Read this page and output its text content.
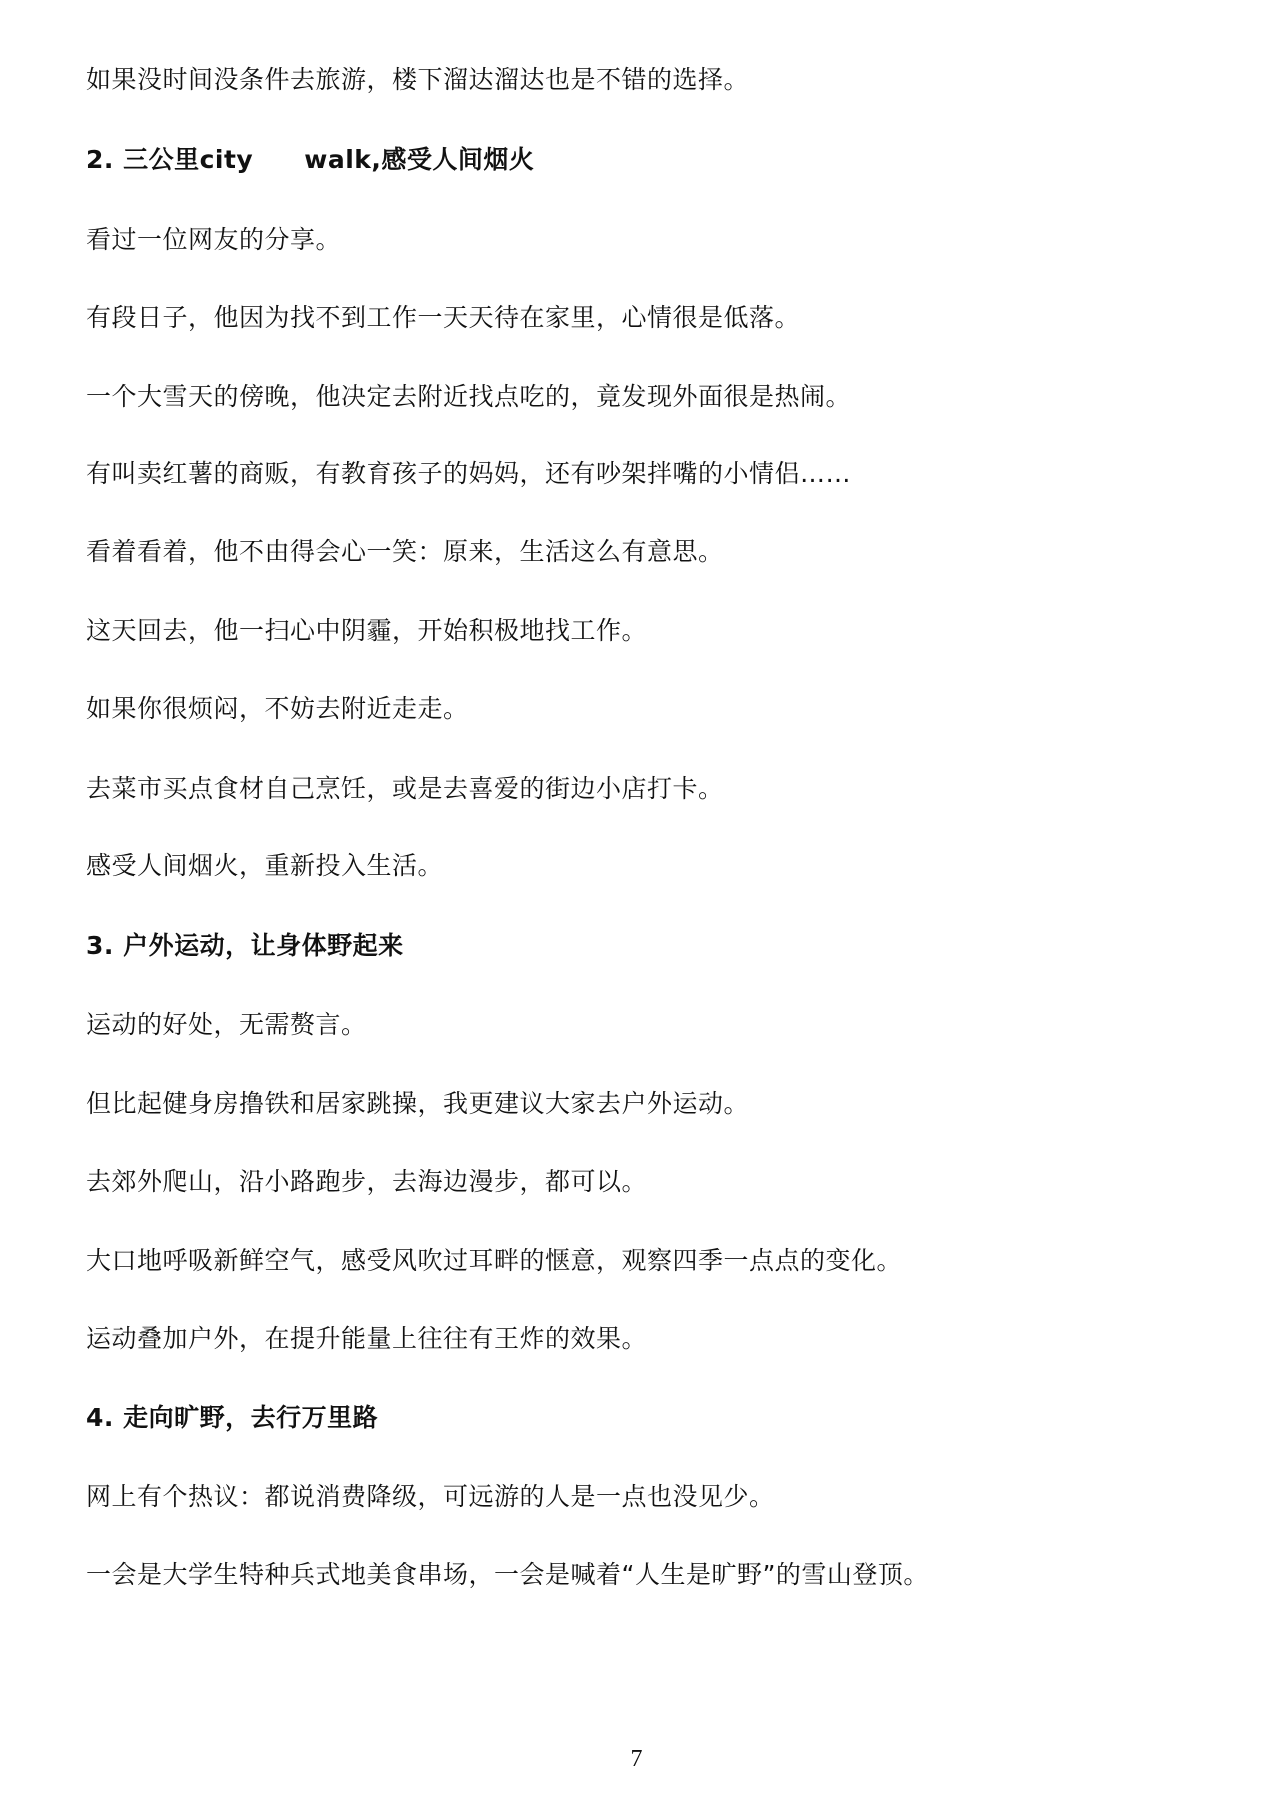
如果没时间没条件去旅游，楼下溜达溜达也是不错的选择。
2. 三公里city　　walk,感受人间烟火
看过一位网友的分享。
有段日子，他因为找不到工作一天天待在家里，心情很是低落。
一个大雪天的傍晚，他决定去附近找点吃的，竟发现外面很是热闹。
有叫卖红薯的商贩，有教育孩子的妈妈，还有吵架拌嘴的小情侣……
看着看着，他不由得会心一笑：原来，生活这么有意思。
这天回去，他一扫心中阴霾，开始积极地找工作。
如果你很烦闷，不妨去附近走走。
去菜市买点食材自己烹饪，或是去喜爱的街边小店打卡。
感受人间烟火，重新投入生活。
3. 户外运动，让身体野起来
运动的好处，无需赘言。
但比起健身房撸铁和居家跳操，我更建议大家去户外运动。
去郊外爬山，沿小路跑步，去海边漫步，都可以。
大口地呼吸新鲜空气，感受风吹过耳畔的惬意，观察四季一点点的变化。
运动叠加户外，在提升能量上往往有王炸的效果。
4. 走向旷野，去行万里路
网上有个热议：都说消费降级，可远游的人是一点也没见少。
一会是大学生特种兵式地美食串场，一会是喊着“人生是旷野”的雪山登顶。
7
